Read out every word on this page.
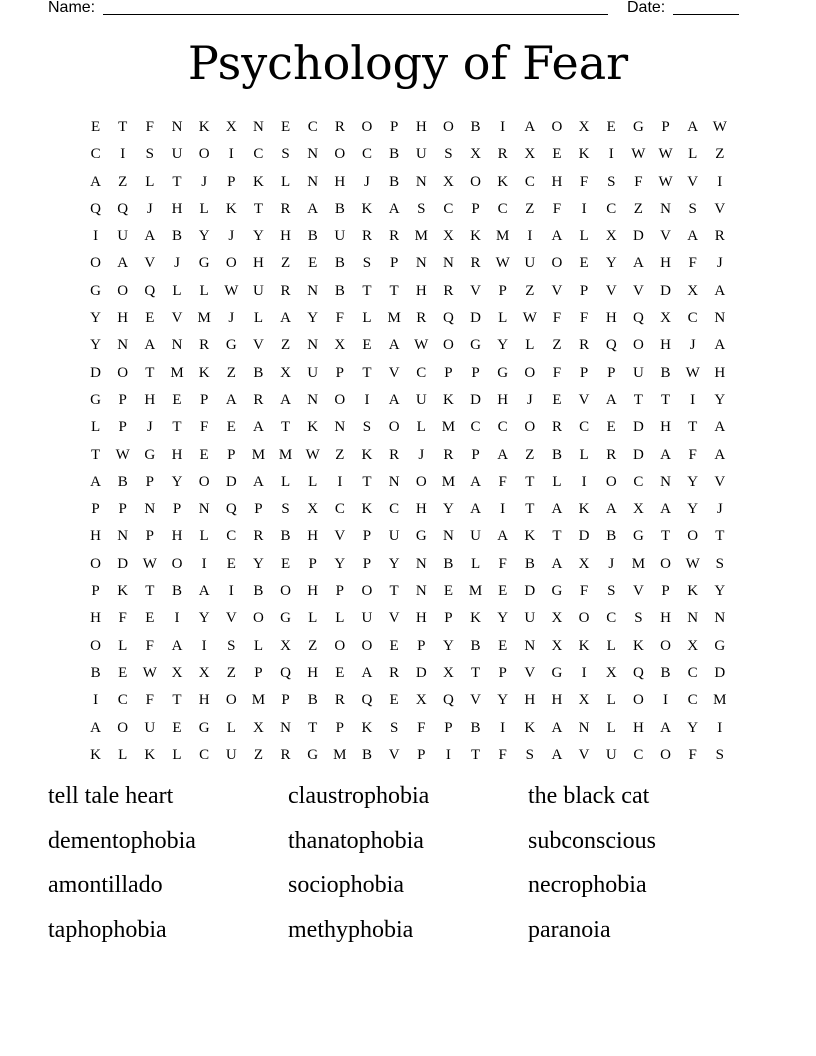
Name:	Date:
Psychology of Fear
E	T	F	N	K	X	N	E	C	R	O	P	H	O	B	I	A	O	X	E	G	P	A W
C	I	S	U	O	I	C	S	N	O	C	B	U	S	X	R	X	E	K	I	W W	L	Z
A	Z	L	T	J	P	K	L	N	H	J	B	N	X	O	K	C	H	F	S	F	W V	I
Q	Q	J	H	L	K	T	R	A	B	K	A	S	C	P	C	Z	F	I	C	Z	N	S	V
I	U	A	B	Y	J	Y	H	B	U	R	R	M	X	K	M	I	A	L	X	D	V	A	R
O	A	V	J	G	O	H	Z	E	B	S	P	N	N	R	W U	O	E	Y	A	H	F	J
G	O	Q	L	L	W U	R	N	B	T	T	H	R	V	P	Z	V	P	V	V	D	X	A
Y	H	E	V	M	J	L	A	Y	F	L	M	R	Q	D	L	W	F	F	H	Q	X	C	N
Y	N	A	N	R	G	V	Z	N	X	E	A W O	G	Y	L	Z	R	Q	O	H	J	A
D	O	T	M	K	Z	B	X	U	P	T	V	C	P	P	G	O	F	P	P	U	B	W H
G	P	H	E	P	A	R	A	N	O	I	A	U	K	D	H	J	E	V	A	T	T	I	Y
L	P	J	T	F	E	A	T	K	N	S	O	L	M	C	C	O	R	C	E	D	H	T	A
T	W G	H	E	P	M M W	Z	K	R	J	R	P	A	Z	B	L	R	D	A	F	A
A	B	P	Y	O	D	A	L	L	I	T	N	O	M	A	F	T	L	I	O	C	N	Y	V
P	P	N	P	N	Q	P	S	X	C	K	C	H	Y	A	I	T	A	K	A	X	A	Y	J
H	N	P	H	L	C	R	B	H	V	P	U	G	N	U	A	K	T	D	B	G	T	O	T
O	D W O	I	E	Y	E	P	Y	P	Y	N	B	L	F	B	A	X	J	M	O W	S
P	K	T	B	A	I	B	O	H	P	O	T	N	E	M	E	D	G	F	S	V	P	K	Y
H	F	E	I	Y	V	O	G	L	L	U	V	H	P	K	Y	U	X	O	C	S	H	N	N
O	L	F	A	I	S	L	X	Z	O	O	E	P	Y	B	E	N	X	K	L	K	O	X	G
B	E	W X	X	Z	P	Q	H	E	A	R	D	X	T	P	V	G	I	X	Q	B	C	D
I	C	F	T	H	O	M	P	B	R	Q	E	X	Q	V	Y	H	H	X	L	O	I	C	M
A	O	U	E	G	L	X	N	T	P	K	S	F	P	B	I	K	A	N	L	H	A	Y	I
K	L	K	L	C	U	Z	R	G	M	B	V	P	I	T	F	S	A	V	U	C	O	F	S
tell tale heart	claustrophobia	the black cat
dementophobia	thanatophobia	subconscious
amontillado	sociophobia	necrophobia
taphophobia	methyphobia	paranoia
